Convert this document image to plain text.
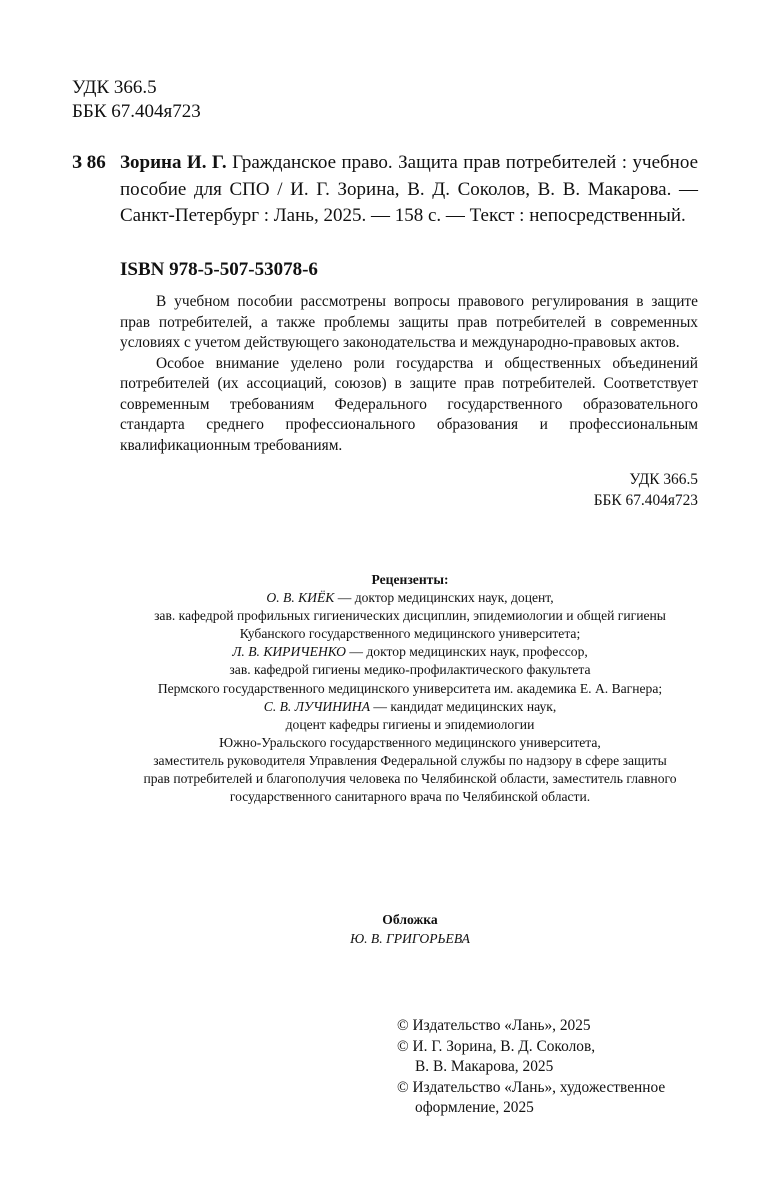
УДК 366.5
ББК 67.404я723
З 86 Зорина И. Г. Гражданское право. Защита прав потребителей : учебное пособие для СПО / И. Г. Зорина, В. Д. Соколов, В. В. Макарова. — Санкт-Петербург : Лань, 2025. — 158 с. — Текст : непосредственный.
ISBN 978-5-507-53078-6

В учебном пособии рассмотрены вопросы правового регулирования в защите прав потребителей, а также проблемы защиты прав потребителей в современных условиях с учетом действующего законодательства и международно-правовых актов.

Особое внимание уделено роли государства и общественных объединений потребителей (их ассоциаций, союзов) в защите прав потребителей. Соответствует современным требованиям Федерального государственного образовательного стандарта среднего профессионального образования и профессиональным квалификационным требованиям.

УДК 366.5
ББК 67.404я723
Рецензенты:
О. В. КИЁК — доктор медицинских наук, доцент,
зав. кафедрой профильных гигиенических дисциплин, эпидемиологии и общей гигиены
Кубанского государственного медицинского университета;
Л. В. КИРИЧЕНКО — доктор медицинских наук, профессор,
зав. кафедрой гигиены медико-профилактического факультета
Пермского государственного медицинского университета им. академика Е. А. Вагнера;
С. В. ЛУЧИНИНА — кандидат медицинских наук,
доцент кафедры гигиены и эпидемиологии
Южно-Уральского государственного медицинского университета,
заместитель руководителя Управления Федеральной службы по надзору в сфере защиты
прав потребителей и благополучия человека по Челябинской области, заместитель главного
государственного санитарного врача по Челябинской области.
Обложка
Ю. В. ГРИГОРЬЕВА
© Издательство «Лань», 2025
© И. Г. Зорина, В. Д. Соколов,
В. В. Макарова, 2025
© Издательство «Лань», художественное
оформление, 2025
